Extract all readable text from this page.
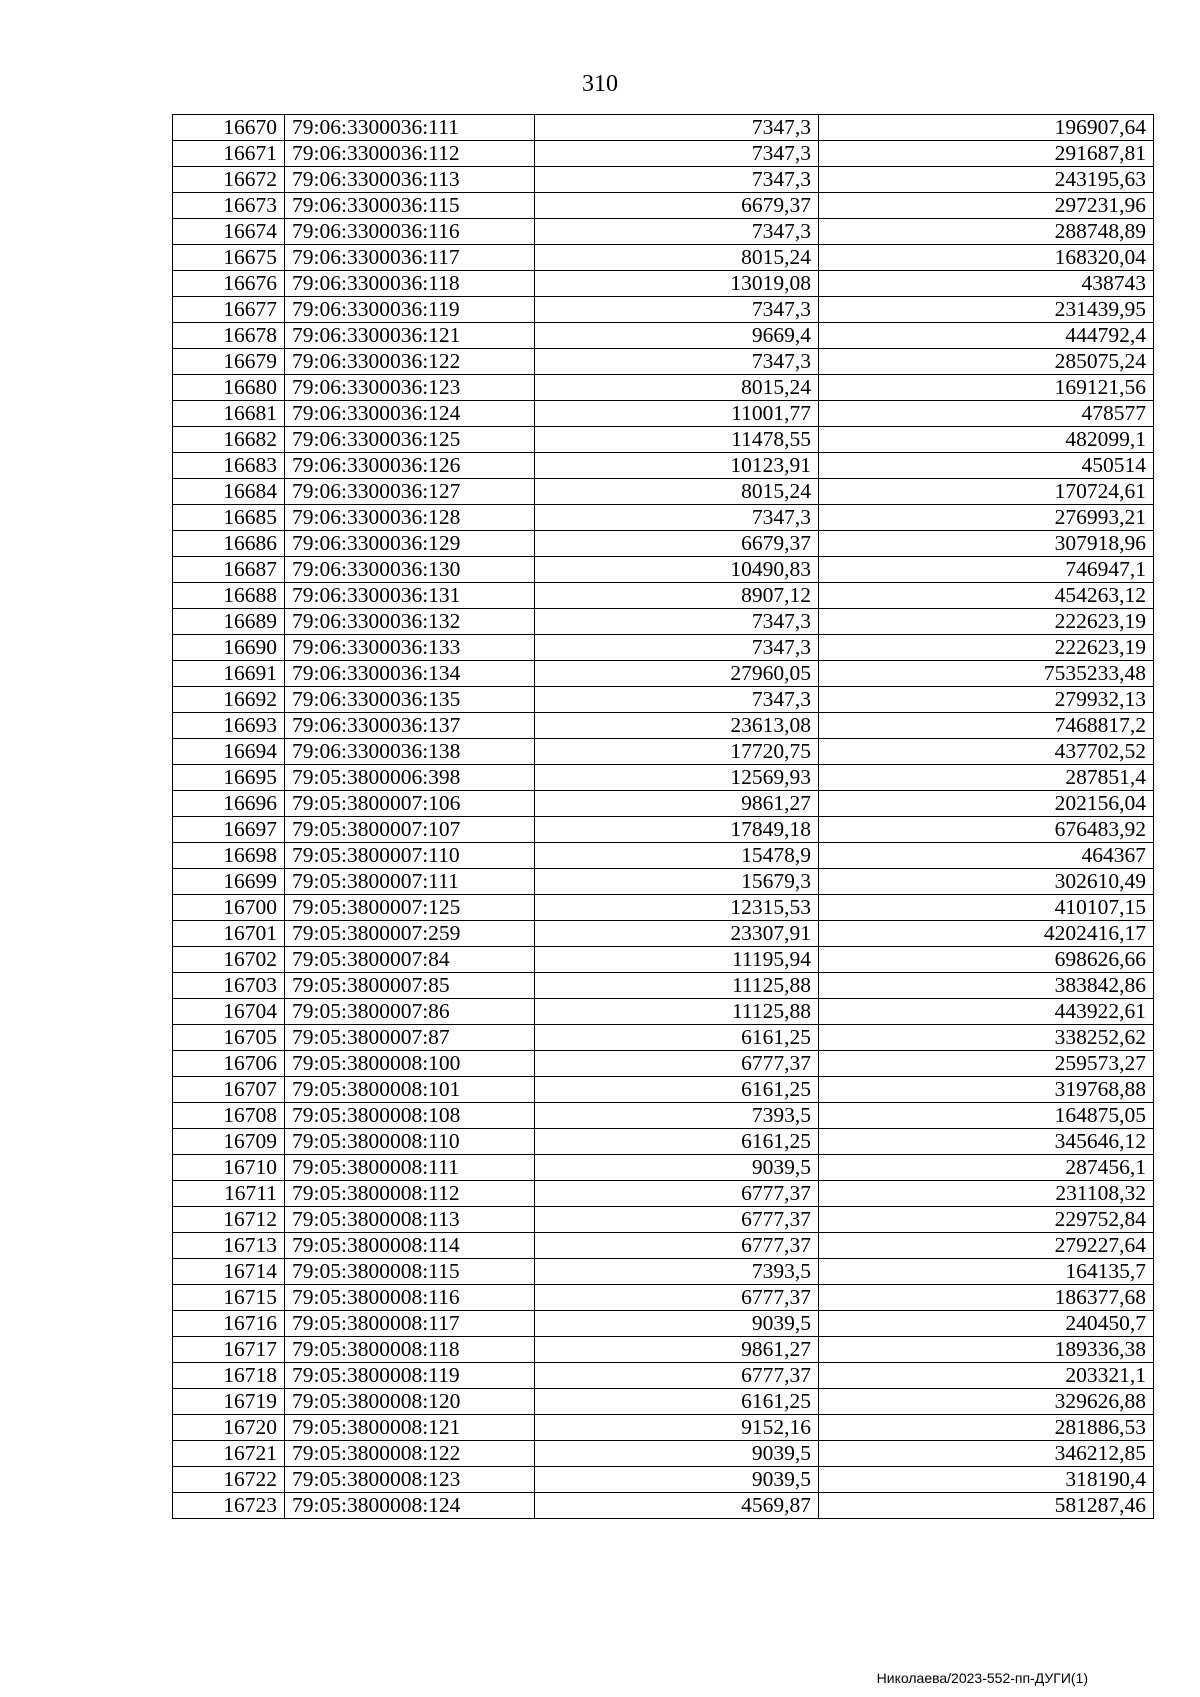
310
16670	79:06:3300036:111	7347,3	196907,64
16671	79:06:3300036:112	7347,3	291687,81
16672	79:06:3300036:113	7347,3	243195,63
16673	79:06:3300036:115	6679,37	297231,96
16674	79:06:3300036:116	7347,3	288748,89
16675	79:06:3300036:117	8015,24	168320,04
16676	79:06:3300036:118	13019,08	438743
16677	79:06:3300036:119	7347,3	231439,95
16678	79:06:3300036:121	9669,4	444792,4
16679	79:06:3300036:122	7347,3	285075,24
16680	79:06:3300036:123	8015,24	169121,56
16681	79:06:3300036:124	11001,77	478577
16682	79:06:3300036:125	11478,55	482099,1
16683	79:06:3300036:126	10123,91	450514
16684	79:06:3300036:127	8015,24	170724,61
16685	79:06:3300036:128	7347,3	276993,21
16686	79:06:3300036:129	6679,37	307918,96
16687	79:06:3300036:130	10490,83	746947,1
16688	79:06:3300036:131	8907,12	454263,12
16689	79:06:3300036:132	7347,3	222623,19
16690	79:06:3300036:133	7347,3	222623,19
16691	79:06:3300036:134	27960,05	7535233,48
16692	79:06:3300036:135	7347,3	279932,13
16693	79:06:3300036:137	23613,08	7468817,2
16694	79:06:3300036:138	17720,75	437702,52
16695	79:05:3800006:398	12569,93	287851,4
16696	79:05:3800007:106	9861,27	202156,04
16697	79:05:3800007:107	17849,18	676483,92
16698	79:05:3800007:110	15478,9	464367
16699	79:05:3800007:111	15679,3	302610,49
16700	79:05:3800007:125	12315,53	410107,15
16701	79:05:3800007:259	23307,91	4202416,17
16702	79:05:3800007:84	11195,94	698626,66
16703	79:05:3800007:85	11125,88	383842,86
16704	79:05:3800007:86	11125,88	443922,61
16705	79:05:3800007:87	6161,25	338252,62
16706	79:05:3800008:100	6777,37	259573,27
16707	79:05:3800008:101	6161,25	319768,88
16708	79:05:3800008:108	7393,5	164875,05
16709	79:05:3800008:110	6161,25	345646,12
16710	79:05:3800008:111	9039,5	287456,1
16711	79:05:3800008:112	6777,37	231108,32
16712	79:05:3800008:113	6777,37	229752,84
16713	79:05:3800008:114	6777,37	279227,64
16714	79:05:3800008:115	7393,5	164135,7
16715	79:05:3800008:116	6777,37	186377,68
16716	79:05:3800008:117	9039,5	240450,7
16717	79:05:3800008:118	9861,27	189336,38
16718	79:05:3800008:119	6777,37	203321,1
16719	79:05:3800008:120	6161,25	329626,88
16720	79:05:3800008:121	9152,16	281886,53
16721	79:05:3800008:122	9039,5	346212,85
16722	79:05:3800008:123	9039,5	318190,4
16723	79:05:3800008:124	4569,87	581287,46
Николаева/2023-552-пп-ДУГИ(1)
